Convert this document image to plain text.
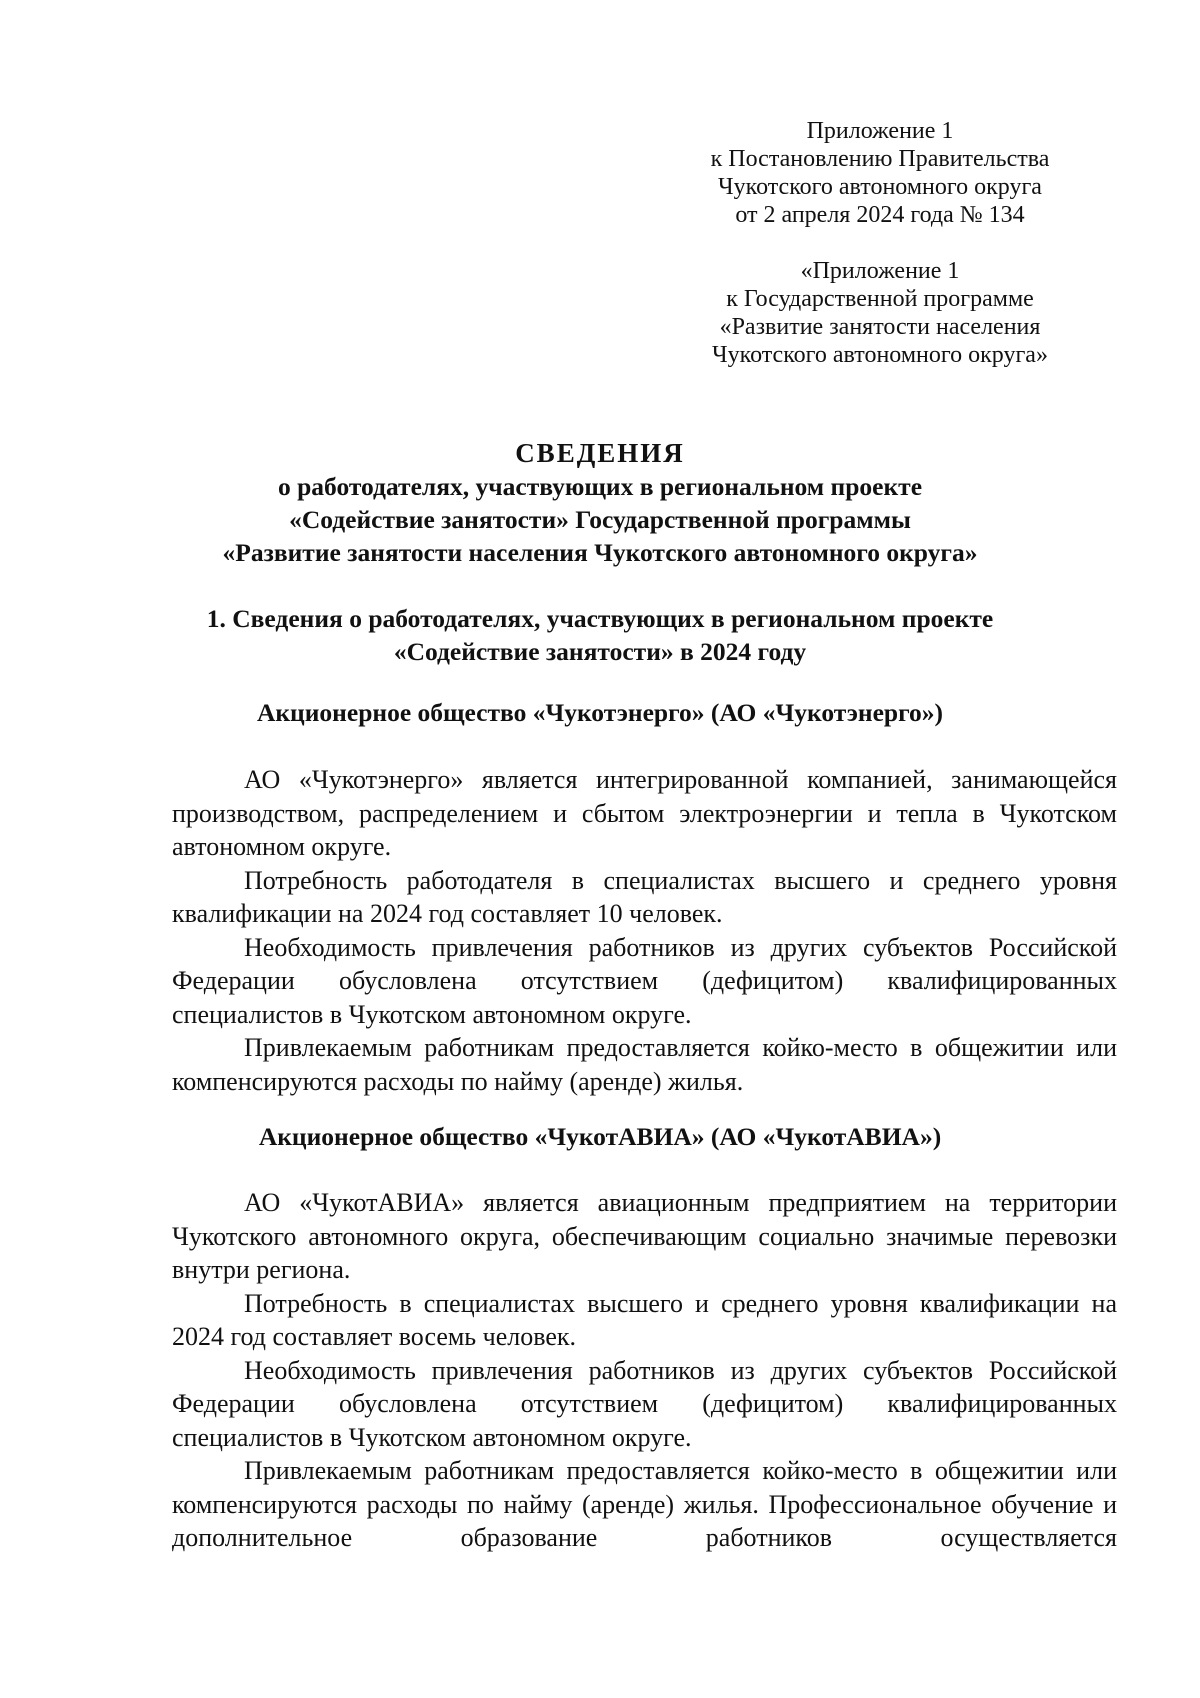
Приложение 1
к Постановлению Правительства
Чукотского автономного округа
от 2 апреля 2024 года № 134
«Приложение 1
к Государственной программе
«Развитие занятости населения
Чукотского автономного округа»
СВЕДЕНИЯ
о работодателях, участвующих в региональном проекте
«Содействие занятости» Государственной программы
«Развитие занятости населения Чукотского автономного округа»
1. Сведения о работодателях, участвующих в региональном проекте
«Содействие занятости» в 2024 году
Акционерное общество «Чукотэнерго» (АО «Чукотэнерго»)

АО «Чукотэнерго» является интегрированной компанией, занимающейся производством, распределением и сбытом электроэнергии и тепла в Чукотском автономном округе.

Потребность работодателя в специалистах высшего и среднего уровня квалификации на 2024 год составляет 10 человек.

Необходимость привлечения работников из других субъектов Российской Федерации обусловлена отсутствием (дефицитом) квалифицированных специалистов в Чукотском автономном округе.

Привлекаемым работникам предоставляется койко-место в общежитии или компенсируются расходы по найму (аренде) жилья.

Акционерное общество «ЧукотАВИА» (АО «ЧукотАВИА»)

АО «ЧукотАВИА» является авиационным предприятием на территории Чукотского автономного округа, обеспечивающим социально значимые перевозки внутри региона.

Потребность в специалистах высшего и среднего уровня квалификации на 2024 год составляет восемь человек.

Необходимость привлечения работников из других субъектов Российской Федерации обусловлена отсутствием (дефицитом) квалифицированных специалистов в Чукотском автономном округе.

Привлекаемым работникам предоставляется койко-место в общежитии или компенсируются расходы по найму (аренде) жилья. Профессиональное обучение и дополнительное образование работников осуществляется
